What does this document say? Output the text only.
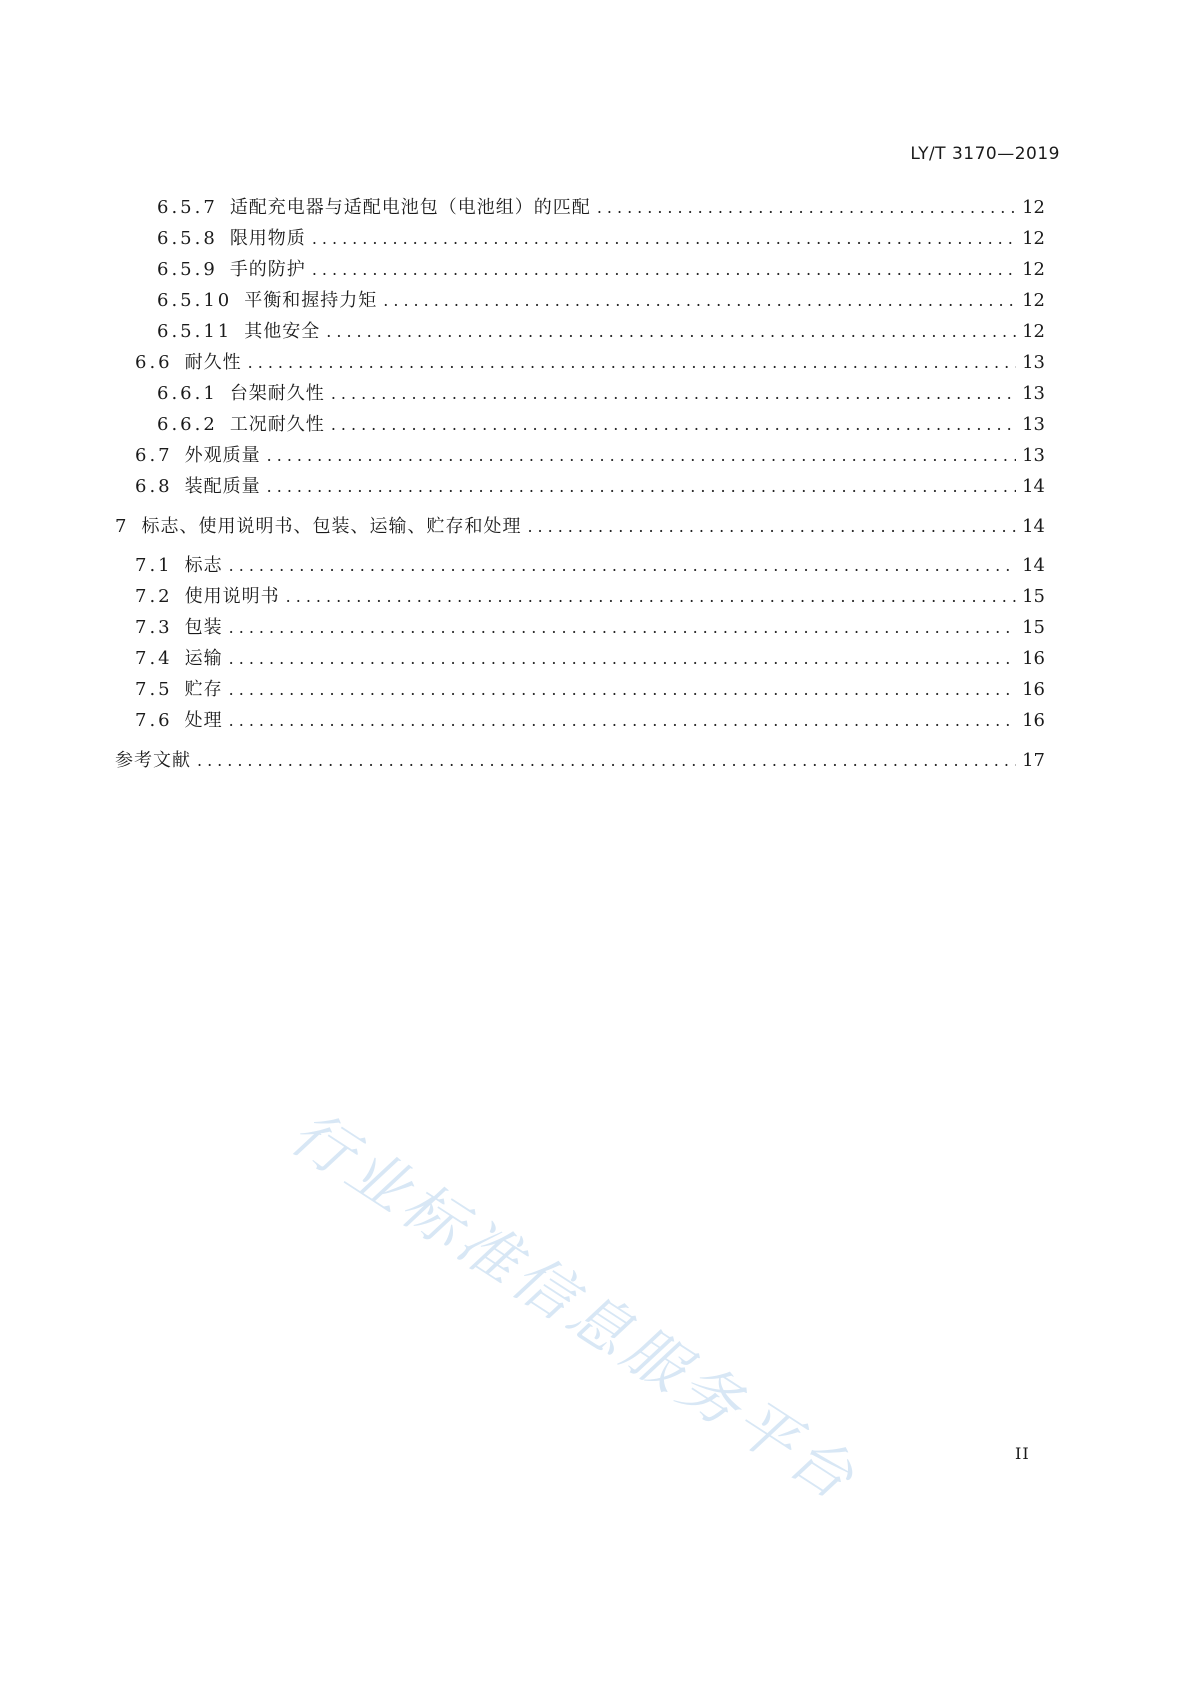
LY/T 3170—2019
6.5.7 适配充电器与适配电池包（电池组）的匹配 .....	12
6.5.8 限用物质 .....	12
6.5.9 手的防护 .....	12
6.5.10 平衡和握持力矩 .....	12
6.5.11 其他安全 .....	12
6.6 耐久性 .....	13
6.6.1 台架耐久性 .....	13
6.6.2 工况耐久性 .....	13
6.7 外观质量 .....	13
6.8 装配质量 .....	14
7 标志、使用说明书、包装、运输、贮存和处理 .....	14
7.1 标志 .....	14
7.2 使用说明书 .....	15
7.3 包装 .....	15
7.4 运输 .....	16
7.5 贮存 .....	16
7.6 处理 .....	16
参考文献 .....	17
行业标准信息服务平台	II
